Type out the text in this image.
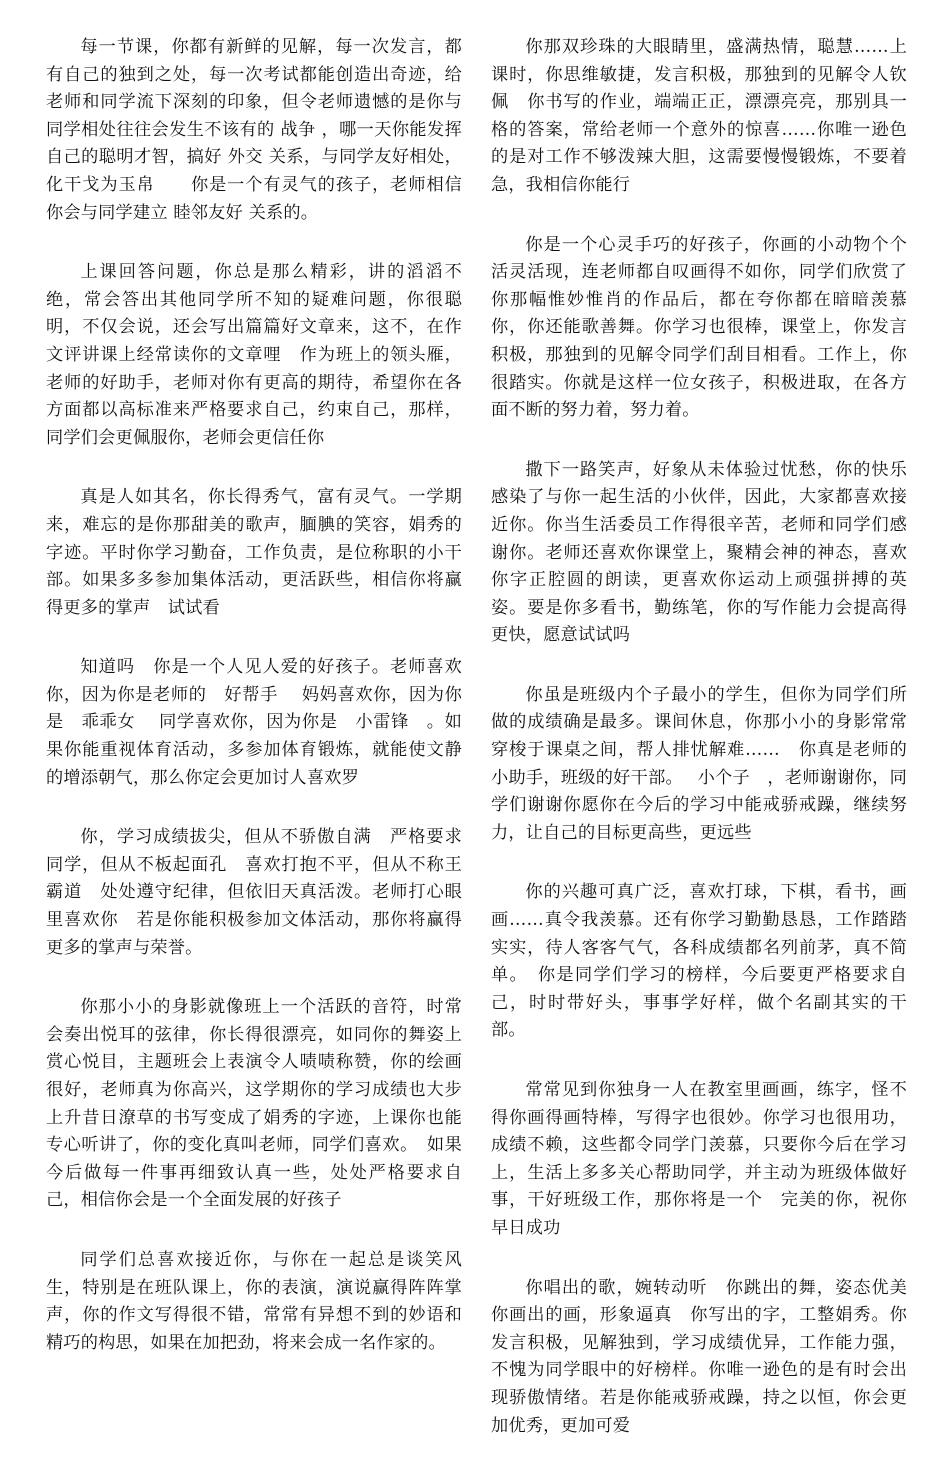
每一节课，你都有新鲜的见解，每一次发言，都有自己的独到之处，每一次考试都能创造出奇迹，给老师和同学流下深刻的印象，但令老师遗憾的是你与同学相处往往会发生不该有的 战争 ，哪一天你能发挥自己的聪明才智，搞好 外交 关系，与同学友好相处，化干戈为玉帛　　你是一个有灵气的孩子，老师相信你会与同学建立 睦邻友好 关系的。

上课回答问题，你总是那么精彩，讲的滔滔不绝，常会答出其他同学所不知的疑难问题，你很聪明，不仅会说，还会写出篇篇好文章来，这不，在作文评讲课上经常读你的文章哩　作为班上的领头雁，老师的好助手，老师对你有更高的期待，希望你在各方面都以高标准来严格要求自己，约束自己，那样，同学们会更佩服你，老师会更信任你

真是人如其名，你长得秀气，富有灵气。一学期来，难忘的是你那甜美的歌声，腼腆的笑容，娟秀的字迹。平时你学习勤奋，工作负责，是位称职的小干部。如果多多参加集体活动，更活跃些，相信你将赢得更多的掌声　试试看

知道吗　你是一个人见人爱的好孩子。老师喜欢你，因为你是老师的　好帮手　 妈妈喜欢你，因为你是　乖乖女　 同学喜欢你，因为你是　小雷锋　。如果你能重视体育活动，多参加体育锻炼，就能使文静的增添朝气，那么你定会更加讨人喜欢罗

你，学习成绩拔尖，但从不骄傲自满　严格要求同学，但从不板起面孔　喜欢打抱不平，但从不称王霸道　处处遵守纪律，但依旧天真活泼。老师打心眼里喜欢你　若是你能积极参加文体活动，那你将赢得更多的掌声与荣誉。

你那小小的身影就像班上一个活跃的音符，时常会奏出悦耳的弦律，你长得很漂亮，如同你的舞姿上赏心悦目，主题班会上表演令人啧啧称赞，你的绘画很好，老师真为你高兴，这学期你的学习成绩也大步上升昔日潦草的书写变成了娟秀的字迹，上课你也能专心听讲了，你的变化真叫老师，同学们喜欢。　如果今后做每一件事再细致认真一些，处处严格要求自己，相信你会是一个全面发展的好孩子

同学们总喜欢接近你，与你在一起总是谈笑风生，特别是在班队课上，你的表演，演说赢得阵阵掌声，你的作文写得很不错，常常有异想不到的妙语和精巧的构思，如果在加把劲，将来会成一名作家的。

你那双珍珠的大眼睛里，盛满热情，聪慧……上课时，你思维敏捷，发言积极，那独到的见解令人钦佩　你书写的作业，端端正正，漂漂亮亮，那别具一格的答案，常给老师一个意外的惊喜……你唯一逊色的是对工作不够泼辣大胆，这需要慢慢锻炼，不要着急，我相信你能行

你是一个心灵手巧的好孩子，你画的小动物个个活灵活现，连老师都自叹画得不如你，同学们欣赏了你那幅惟妙惟肖的作品后，都在夸你都在暗暗羡慕你，你还能歌善舞。你学习也很棒，课堂上，你发言积极，那独到的见解令同学们刮目相看。工作上，你很踏实。你就是这样一位女孩子，积极进取，在各方面不断的努力着，努力着。

撒下一路笑声，好象从未体验过忧愁，你的快乐感染了与你一起生活的小伙伴，因此，大家都喜欢接近你。你当生活委员工作得很辛苦，老师和同学们感谢你。老师还喜欢你课堂上，聚精会神的神态，喜欢你字正腔圆的朗读，更喜欢你运动上顽强拼搏的英姿。要是你多看书，勤练笔，你的写作能力会提高得更快，愿意试试吗

你虽是班级内个子最小的学生，但你为同学们所做的成绩确是最多。课间休息，你那小小的身影常常穿梭于课桌之间，帮人排忧解难……　你真是老师的小助手，班级的好干部。　 小个子　，老师谢谢你，同学们谢谢你愿你在今后的学习中能戒骄戒躁，继续努力，让自己的目标更高些，更远些

你的兴趣可真广泛，喜欢打球，下棋，看书，画画……真令我羡慕。还有你学习勤勤恳恳，工作踏踏实实，待人客客气气，各科成绩都名列前茅，真不简单。　你是同学们学习的榜样，今后要更严格要求自己，时时带好头，事事学好样，做个名副其实的干部。

常常见到你独身一人在教室里画画，练字，怪不得你画得画特棒，写得字也很妙。你学习也很用功，成绩不赖，这些都令同学门羡慕，只要你今后在学习上，生活上多多关心帮助同学，并主动为班级体做好事，干好班级工作，那你将是一个　完美的你，祝你早日成功

你唱出的歌，婉转动听　你跳出的舞，姿态优美　你画出的画，形象逼真　你写出的字，工整娟秀。你发言积极，见解独到，学习成绩优异，工作能力强，不愧为同学眼中的好榜样。你唯一逊色的是有时会出现骄傲情绪。若是你能戒骄戒躁，持之以恒，你会更加优秀，更加可爱
